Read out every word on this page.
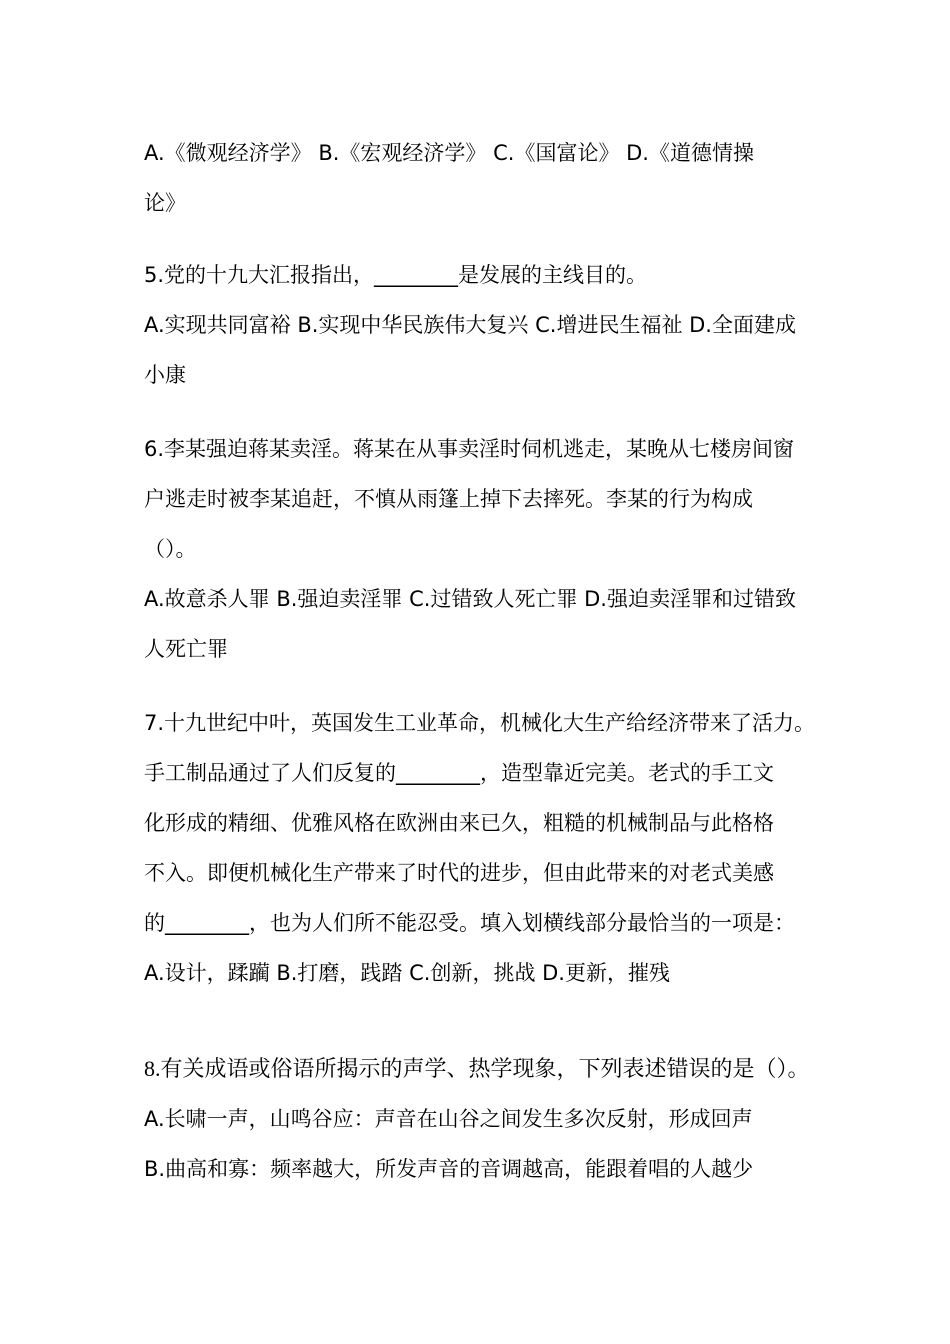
A.《微观经济学》 B.《宏观经济学》 C.《国富论》 D.《道德情操
论》
5.党的十九大汇报指出，________是发展的主线目的。
A.实现共同富裕 B.实现中华民族伟大复兴 C.增进民生福祉 D.全面建成
小康
6.李某强迫蒋某卖淫。蒋某在从事卖淫时伺机逃走，某晚从七楼房间窗
户逃走时被李某追赶，不慎从雨篷上掉下去摔死。李某的行为构成
（）。
A.故意杀人罪 B.强迫卖淫罪 C.过错致人死亡罪 D.强迫卖淫罪和过错致
人死亡罪
7.十九世纪中叶，英国发生工业革命，机械化大生产给经济带来了活力。
手工制品通过了人们反复的________，造型靠近完美。老式的手工文
化形成的精细、优雅风格在欧洲由来已久，粗糙的机械制品与此格格
不入。即便机械化生产带来了时代的进步，但由此带来的对老式美感
的________，也为人们所不能忍受。填入划横线部分最恰当的一项是：
A.设计，蹂躏 B.打磨，践踏 C.创新，挑战 D.更新，摧残
8.有关成语或俗语所揭示的声学、热学现象，下列表述错误的是（）。
A.长啸一声，山鸣谷应：声音在山谷之间发生多次反射，形成回声
B.曲高和寡：频率越大，所发声音的音调越高，能跟着唱的人越少
